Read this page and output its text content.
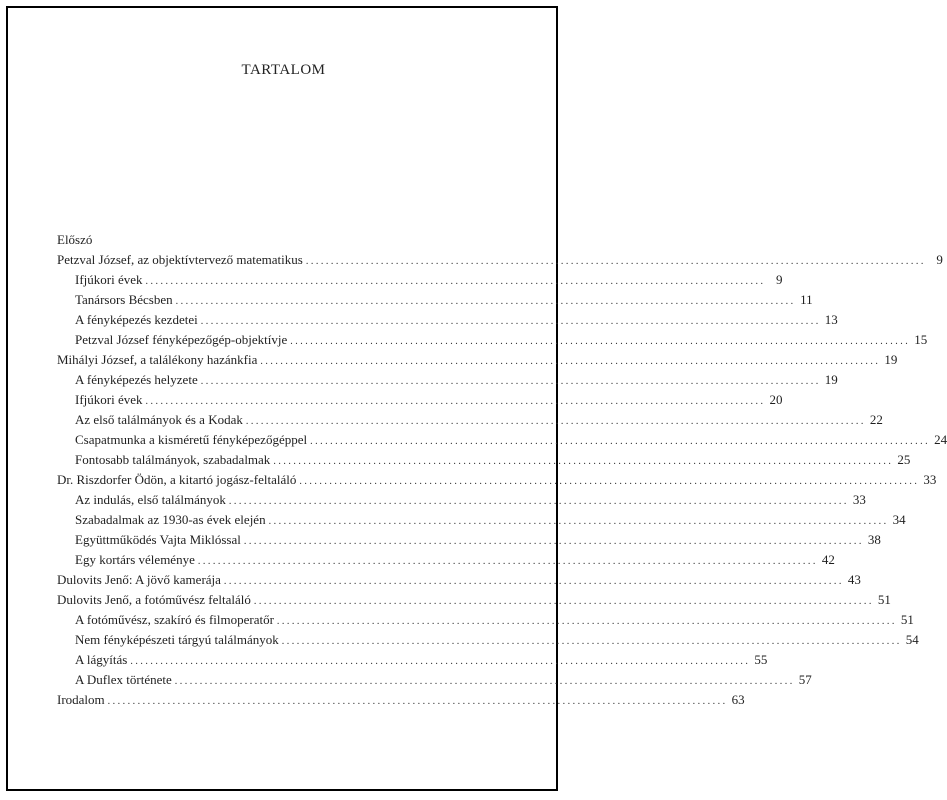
TARTALOM
Előszó
Petzval József, az objektívtervező matematikus ............................................................................................................................ 9
Ifjúkori évek ............................................................................................................................ 9
Tanársors Bécsben ............................................................................................................................ 11
A fényképezés kezdetei ............................................................................................................................ 13
Petzval József fényképezőgép-objektívje ............................................................................................................................ 15
Mihályi József, a találékony hazánkfia ............................................................................................................................ 19
A fényképezés helyzete ............................................................................................................................ 19
Ifjúkori évek ............................................................................................................................ 20
Az első találmányok és a Kodak ............................................................................................................................ 22
Csapatmunka a kisméretű fényképezőgéppel ............................................................................................................................ 24
Fontosabb találmányok, szabadalmak ............................................................................................................................ 25
Dr. Riszdorfer Ödön, a kitartó jogász-feltaláló ............................................................................................................................ 33
Az indulás, első találmányok ............................................................................................................................ 33
Szabadalmak az 1930-as évek elején ............................................................................................................................ 34
Együttműködés Vajta Miklóssal ............................................................................................................................ 38
Egy kortárs véleménye ............................................................................................................................ 42
Dulovits Jenő: A jövő kamerája ............................................................................................................................ 43
Dulovits Jenő, a fotóművész feltaláló ............................................................................................................................ 51
A fotóművész, szakíró és filmoperatőr ............................................................................................................................ 51
Nem fényképészeti tárgyú találmányok ............................................................................................................................ 54
A lágyítás ............................................................................................................................ 55
A Duflex története ............................................................................................................................ 57
Irodalom ............................................................................................................................ 63
